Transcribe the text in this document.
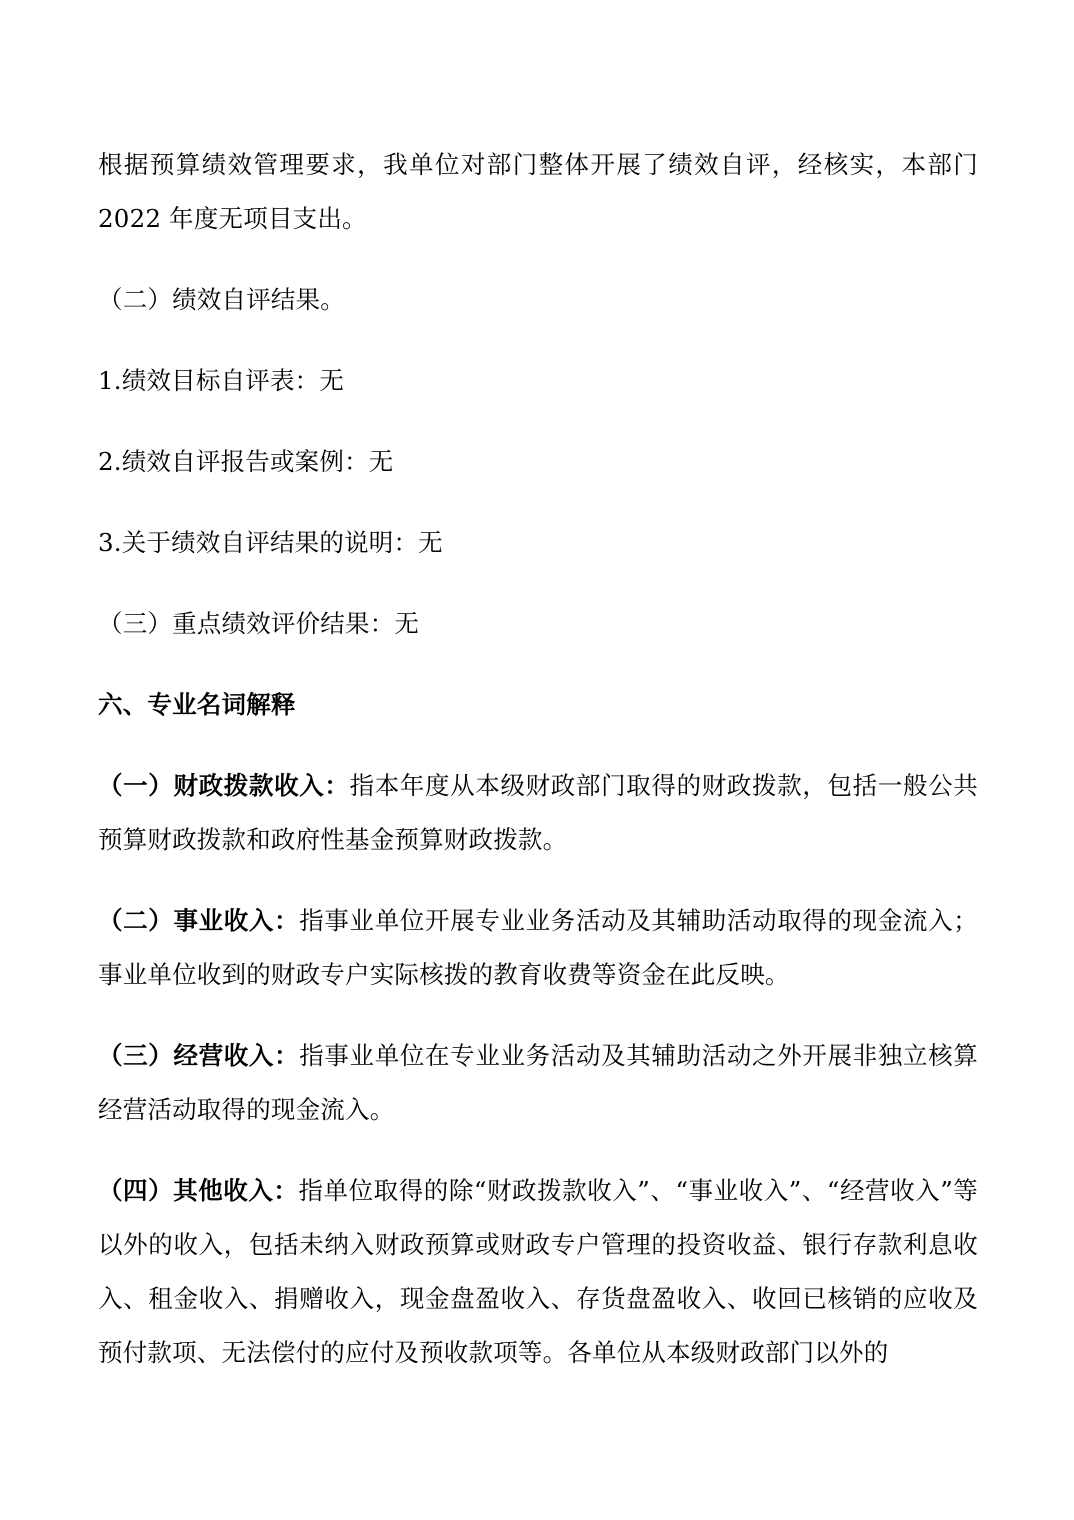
根据预算绩效管理要求，我单位对部门整体开展了绩效自评，经核实，本部门 2022 年度无项目支出。

（二）绩效自评结果。

1.绩效目标自评表：无

2.绩效自评报告或案例：无

3.关于绩效自评结果的说明：无

（三）重点绩效评价结果：无

六、专业名词解释

（一）财政拨款收入：指本年度从本级财政部门取得的财政拨款，包括一般公共预算财政拨款和政府性基金预算财政拨款。

（二）事业收入：指事业单位开展专业业务活动及其辅助活动取得的现金流入；事业单位收到的财政专户实际核拨的教育收费等资金在此反映。

（三）经营收入：指事业单位在专业业务活动及其辅助活动之外开展非独立核算经营活动取得的现金流入。

（四）其他收入：指单位取得的除“财政拨款收入”、“事业收入”、“经营收入”等以外的收入，包括未纳入财政预算或财政专户管理的投资收益、银行存款利息收入、租金收入、捐赠收入，现金盘盈收入、存货盘盈收入、收回已核销的应收及预付款项、无法偿付的应付及预收款项等。各单位从本级财政部门以外的
